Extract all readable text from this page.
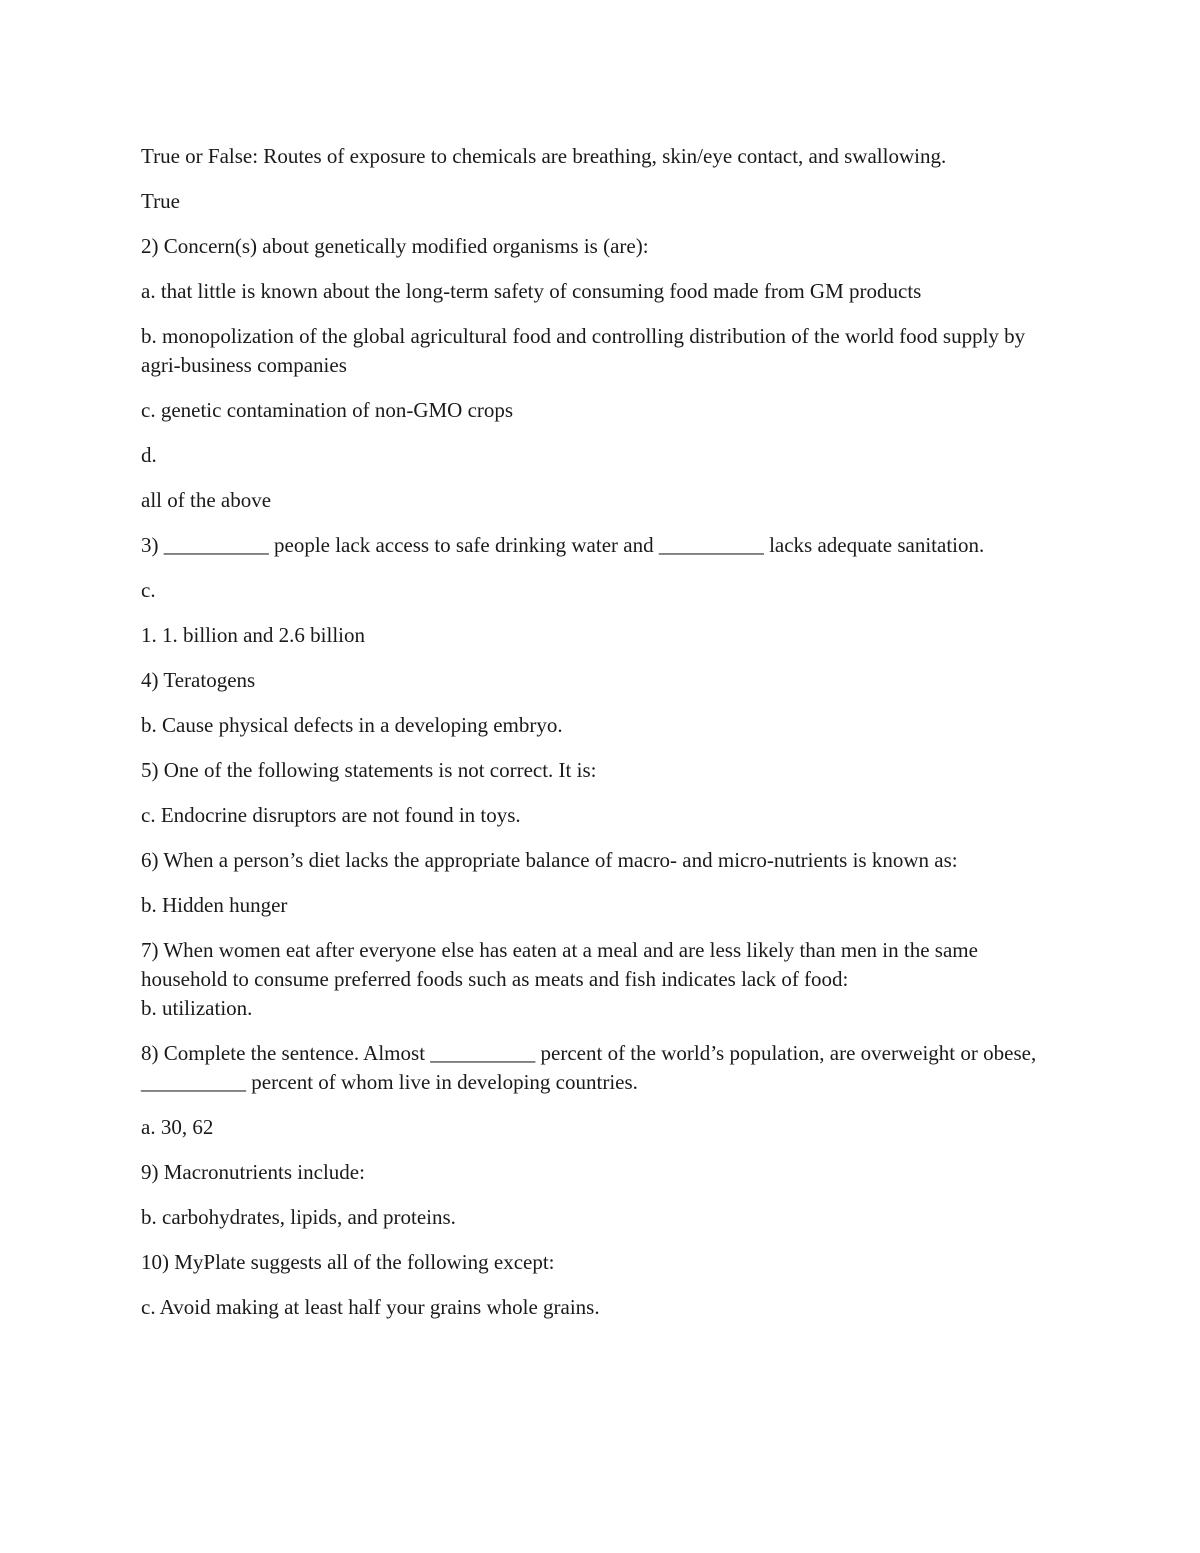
True or False: Routes of exposure to chemicals are breathing, skin/eye contact, and swallowing.

True

2) Concern(s) about genetically modified organisms is (are):

a. that little is known about the long-term safety of consuming food made from GM products

b. monopolization of the global agricultural food and controlling distribution of the world food supply by agri-business companies

c. genetic contamination of non-GMO crops

d.

all of the above

3) __________ people lack access to safe drinking water and __________ lacks adequate sanitation.

c.

1. 1. billion and 2.6 billion

4) Teratogens

b. Cause physical defects in a developing embryo.

5) One of the following statements is not correct. It is:

c. Endocrine disruptors are not found in toys.

6) When a person’s diet lacks the appropriate balance of macro- and micro-nutrients is known as:

b. Hidden hunger

7) When women eat after everyone else has eaten at a meal and are less likely than men in the same household to consume preferred foods such as meats and fish indicates lack of food:

b. utilization.

8) Complete the sentence. Almost __________ percent of the world’s population, are overweight or obese, __________ percent of whom live in developing countries.

a. 30, 62

9) Macronutrients include:

b. carbohydrates, lipids, and proteins.

10) MyPlate suggests all of the following except:

c. Avoid making at least half your grains whole grains.
